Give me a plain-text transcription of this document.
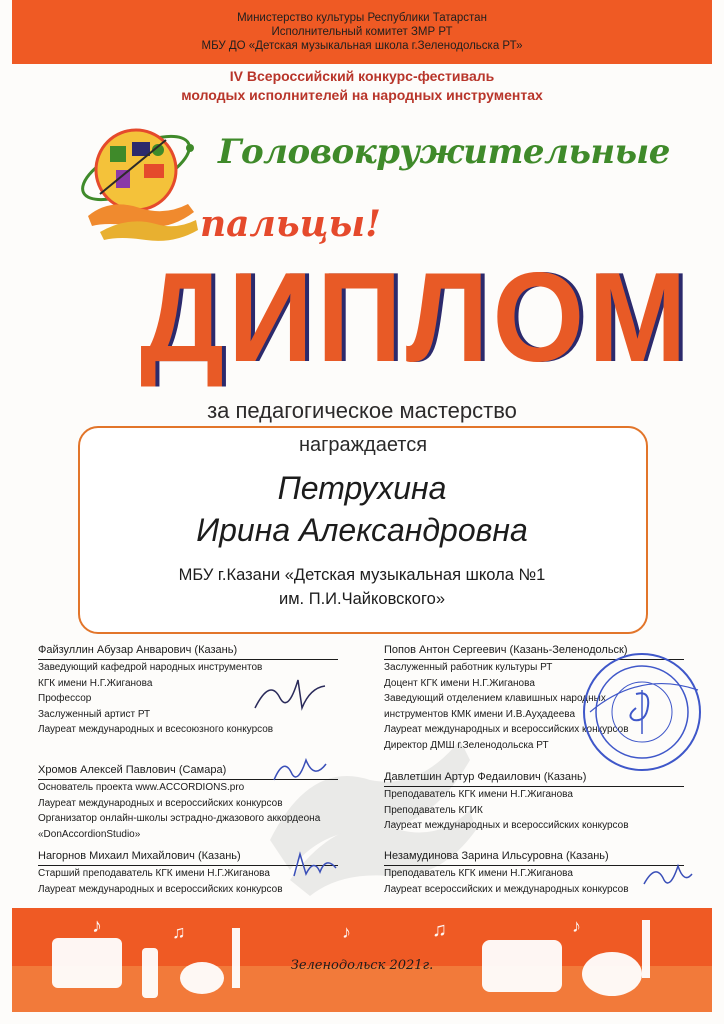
Министерство культуры Республики Татарстан
Исполнительный комитет ЗМР РТ
МБУ ДО «Детская музыкальная школа г.Зеленодольска РТ»
IV Всероссийский конкурс-фестиваль
молодых исполнителей на народных инструментах
Головокружительные
пальцы!
ДИПЛОМ
за педагогическое мастерство
награждается
Петрухина
Ирина Александровна
МБУ г.Казани «Детская музыкальная школа №1
им. П.И.Чайковского»
Файзуллин Абузар Анварович (Казань)
Заведующий кафедрой народных инструментов
КГК имени Н.Г.Жиганова
Профессор
Заслуженный артист РТ
Лауреат международных и всесоюзного конкурсов
Хромов Алексей Павлович (Самара)
Основатель проекта www.ACCORDIONS.pro
Лауреат международных и всероссийских конкурсов
Организатор онлайн-школы эстрадно-джазового аккордеона
«DonAccordionStudio»
Нагорнов Михаил Михайлович (Казань)
Старший преподаватель КГК имени Н.Г.Жиганова
Лауреат международных и всероссийских конкурсов
Попов Антон Сергеевич (Казань-Зеленодольск)
Заслуженный работник культуры РТ
Доцент КГК имени Н.Г.Жиганова
Заведующий отделением клавишных народных
инструментов КМК имени И.В.Ауҳадеева
Лауреат международных и всероссийских конкурсов
Директор ДМШ г.Зеленодольска РТ
Давлетшин Артур Федаилович (Казань)
Преподаватель КГК имени Н.Г.Жиганова
Преподаватель КГИК
Лауреат международных и всероссийских конкурсов
Незамудинова Зарина Ильсуровна (Казань)
Преподаватель КГК имени Н.Г.Жиганова
Лауреат всероссийских и международных конкурсов
♪	♫	♪	♫	♪
Зеленодольск 2021г.
